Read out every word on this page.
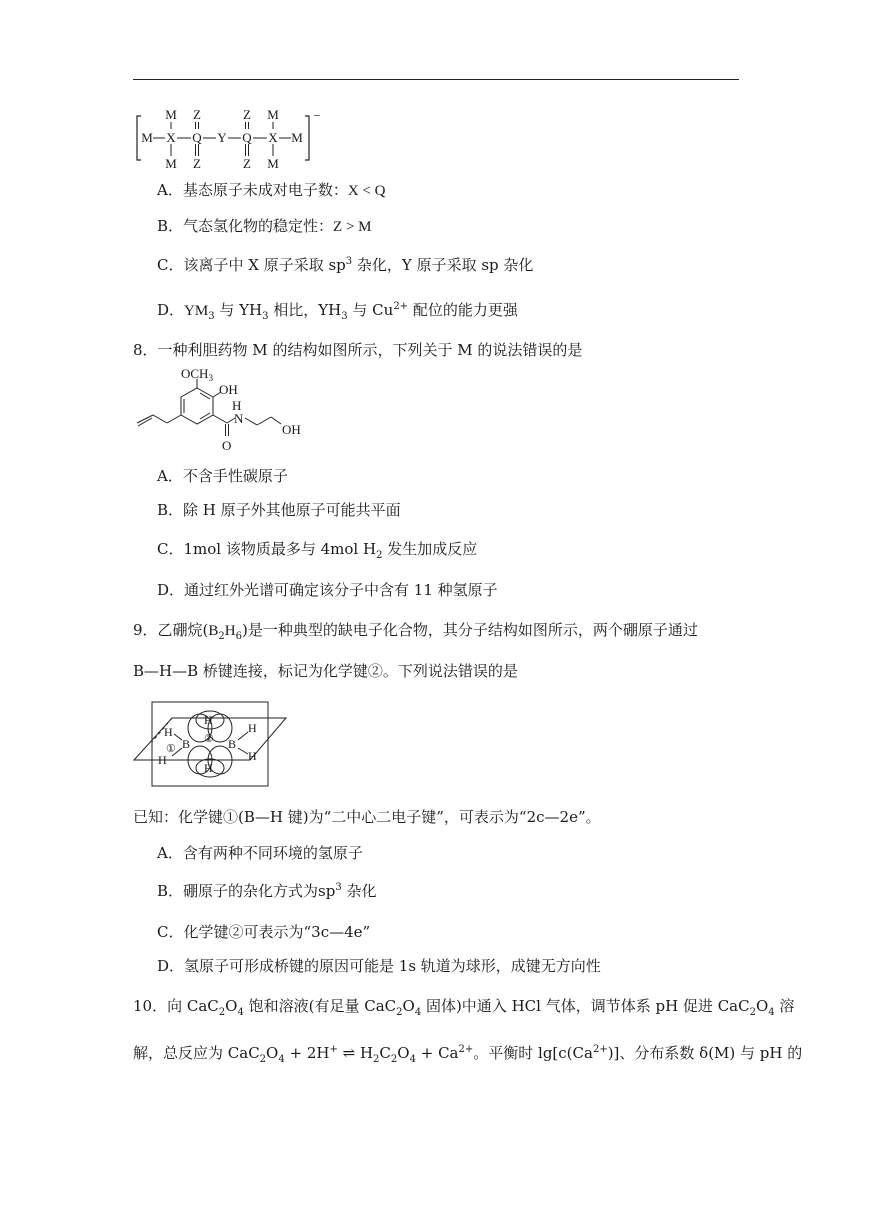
−
M Z	Z M
M X Q Y Q X M
M Z	Z M
A．基态原子未成对电子数：X < Q
B．气态氢化物的稳定性：Z > M
C．该离子中 X 原子采取 $sp^3$ 杂化，Y 原子采取 sp 杂化
D．$YM_3$ 与 $YH_3$ 相比，$YH_3$ 与 $Cu^{2+}$ 配位的能力更强
8．一种利胆药物 M 的结构如图所示，下列关于 M 的说法错误的是
$OCH_3$
OH
H
N
O
OH
A．不含手性碳原子
B．除 H 原子外其他原子可能共平面
C．1mol 该物质最多与 4mol $H_2$ 发生加成反应
D．通过红外光谱可确定该分子中含有 11 种氢原子
9．乙硼烷$(B_2H_6)$是一种典型的缺电子化合物，其分子结构如图所示，两个硼原子通过
B—H—B 桥键连接，标记为化学键②。下列说法错误的是
H
H
H
H
H
H
B	B
①
②
已知：化学键①(B—H 键)为“二中心二电子键”，可表示为“2c—2e”。
A．含有两种不同环境的氢原子
B．硼原子的杂化方式为$sp^3$ 杂化
C．化学键②可表示为“3c—4e”
D．氢原子可形成桥键的原因可能是 1s 轨道为球形，成键无方向性
10．向 $CaC_2O_4$ 饱和溶液(有足量 $CaC_2O_4$ 固体)中通入 HCl 气体，调节体系 pH 促进 $CaC_2O_4$ 溶
解，总反应为 $CaC_2O_4 + 2H^+$ ⇌ $H_2C_2O_4 + Ca^{2+}$。平衡时 $\lg[c(Ca^{2+})]$、分布系数 δ(M) 与 pH 的
